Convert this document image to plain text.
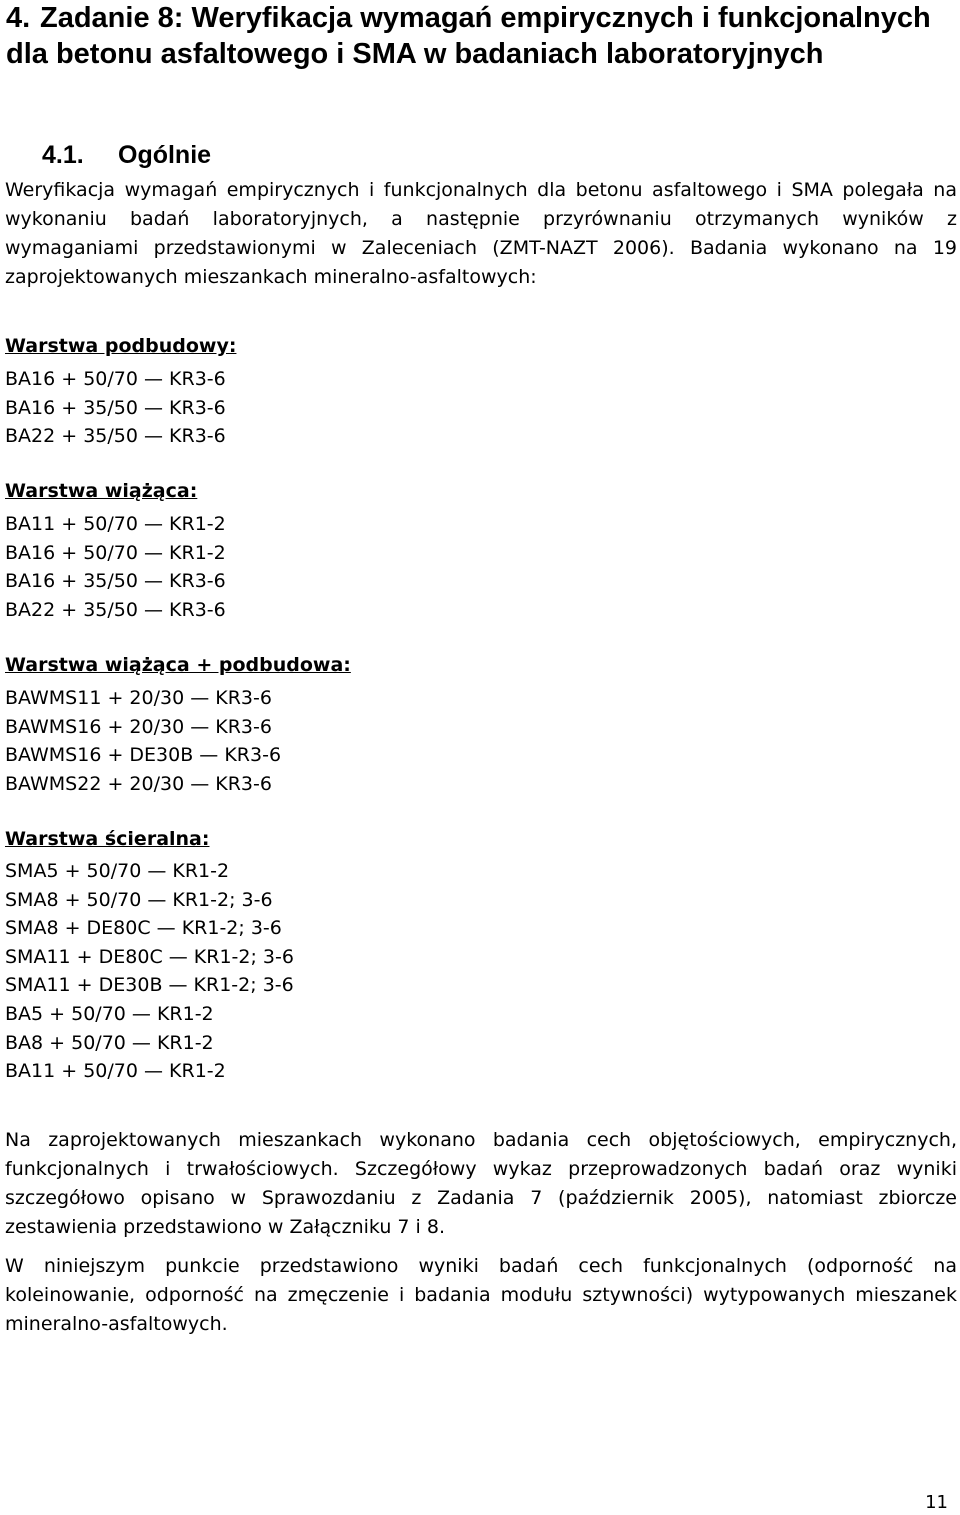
4. Zadanie 8: Weryfikacja wymagań empirycznych i funkcjonalnych dla betonu asfaltowego i SMA w badaniach laboratoryjnych
4.1. Ogólnie

Weryfikacja wymagań empirycznych i funkcjonalnych dla betonu asfaltowego i SMA polegała na wykonaniu badań laboratoryjnych, a następnie przyrównaniu otrzymanych wyników z wymaganiami przedstawionymi w Zaleceniach (ZMT-NAZT 2006). Badania wykonano na 19 zaprojektowanych mieszankach mineralno-asfaltowych:

Warstwa podbudowy:

BA16 + 50/70 — KR3-6
BA16 + 35/50 — KR3-6
BA22 + 35/50 — KR3-6

Warstwa wiążąca:

BA11 + 50/70 — KR1-2
BA16 + 50/70 — KR1-2
BA16 + 35/50 — KR3-6
BA22 + 35/50 — KR3-6

Warstwa wiążąca + podbudowa:

BAWMS11 + 20/30 — KR3-6
BAWMS16 + 20/30 — KR3-6
BAWMS16 + DE30B — KR3-6
BAWMS22 + 20/30 — KR3-6

Warstwa ścieralna:

SMA5 + 50/70 — KR1-2
SMA8 + 50/70 — KR1-2; 3-6
SMA8 + DE80C — KR1-2; 3-6
SMA11 + DE80C — KR1-2; 3-6
SMA11 + DE30B — KR1-2; 3-6
BA5 + 50/70 — KR1-2
BA8 + 50/70 — KR1-2
BA11 + 50/70 — KR1-2

Na zaprojektowanych mieszankach wykonano badania cech objętościowych, empirycznych, funkcjonalnych i trwałościowych. Szczegółowy wykaz przeprowadzonych badań oraz wyniki szczegółowo opisano w Sprawozdaniu z Zadania 7 (październik 2005), natomiast zbiorcze zestawienia przedstawiono w Załączniku 7 i 8.

W niniejszym punkcie przedstawiono wyniki badań cech funkcjonalnych (odporność na koleinowanie, odporność na zmęczenie i badania modułu sztywności) wytypowanych mieszanek mineralno-asfaltowych.

11
